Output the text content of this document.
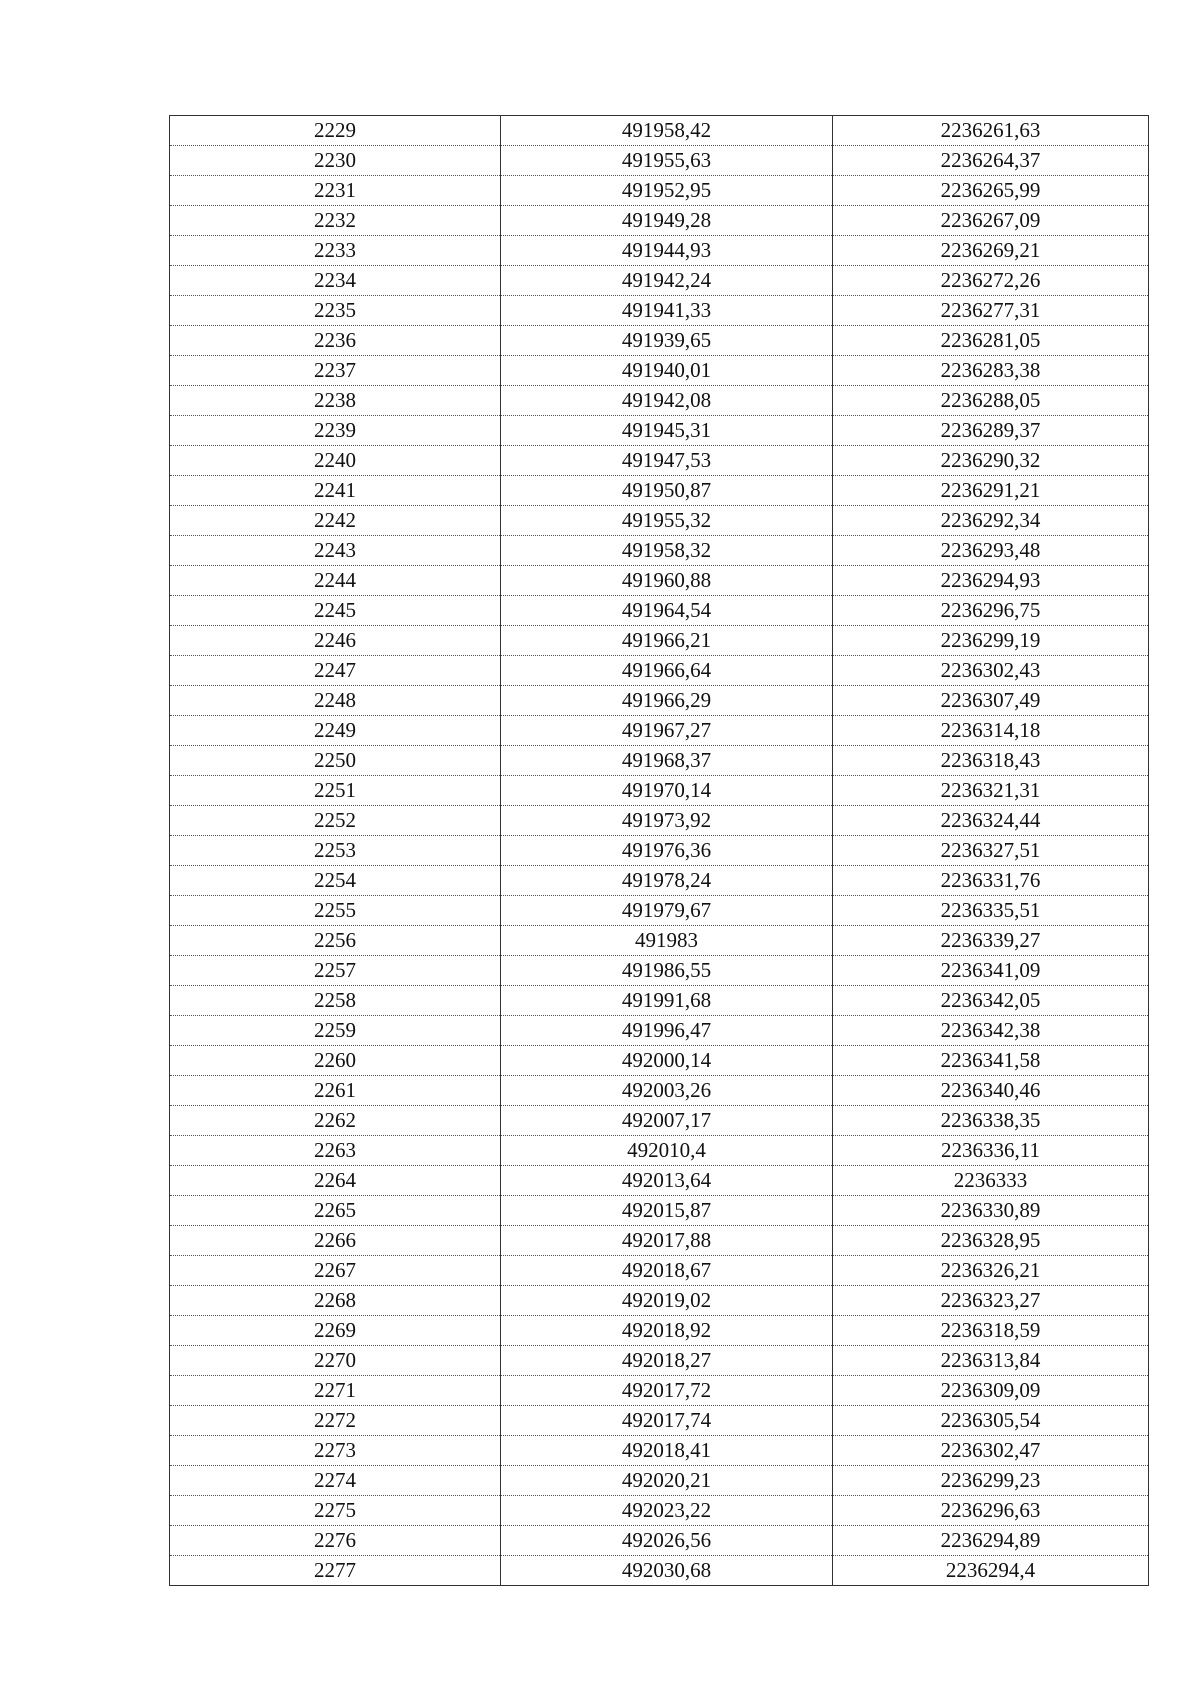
2229	491958,42	2236261,63
2230	491955,63	2236264,37
2231	491952,95	2236265,99
2232	491949,28	2236267,09
2233	491944,93	2236269,21
2234	491942,24	2236272,26
2235	491941,33	2236277,31
2236	491939,65	2236281,05
2237	491940,01	2236283,38
2238	491942,08	2236288,05
2239	491945,31	2236289,37
2240	491947,53	2236290,32
2241	491950,87	2236291,21
2242	491955,32	2236292,34
2243	491958,32	2236293,48
2244	491960,88	2236294,93
2245	491964,54	2236296,75
2246	491966,21	2236299,19
2247	491966,64	2236302,43
2248	491966,29	2236307,49
2249	491967,27	2236314,18
2250	491968,37	2236318,43
2251	491970,14	2236321,31
2252	491973,92	2236324,44
2253	491976,36	2236327,51
2254	491978,24	2236331,76
2255	491979,67	2236335,51
2256	491983	2236339,27
2257	491986,55	2236341,09
2258	491991,68	2236342,05
2259	491996,47	2236342,38
2260	492000,14	2236341,58
2261	492003,26	2236340,46
2262	492007,17	2236338,35
2263	492010,4	2236336,11
2264	492013,64	2236333
2265	492015,87	2236330,89
2266	492017,88	2236328,95
2267	492018,67	2236326,21
2268	492019,02	2236323,27
2269	492018,92	2236318,59
2270	492018,27	2236313,84
2271	492017,72	2236309,09
2272	492017,74	2236305,54
2273	492018,41	2236302,47
2274	492020,21	2236299,23
2275	492023,22	2236296,63
2276	492026,56	2236294,89
2277	492030,68	2236294,4
